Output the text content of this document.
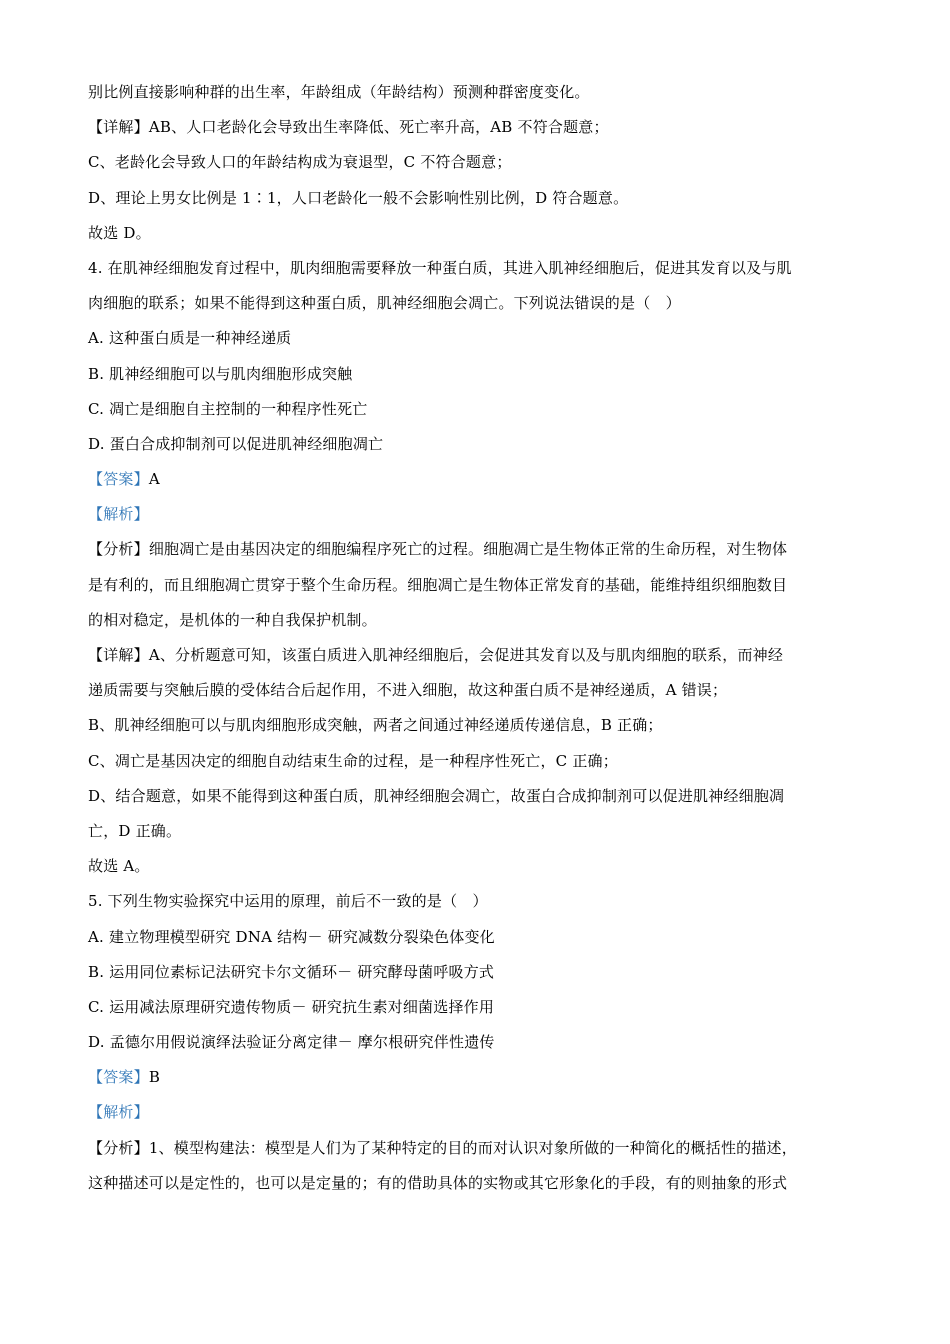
别比例直接影响种群的出生率，年龄组成（年龄结构）预测种群密度变化。
【详解】AB、人口老龄化会导致出生率降低、死亡率升高，AB 不符合题意；
C、老龄化会导致人口的年龄结构成为衰退型，C 不符合题意；
D、理论上男女比例是 1∶1，人口老龄化一般不会影响性别比例，D 符合题意。
故选 D。
4. 在肌神经细胞发育过程中，肌肉细胞需要释放一种蛋白质，其进入肌神经细胞后，促进其发育以及与肌
肉细胞的联系；如果不能得到这种蛋白质，肌神经细胞会凋亡。下列说法错误的是（　）
A. 这种蛋白质是一种神经递质
B. 肌神经细胞可以与肌肉细胞形成突触
C. 凋亡是细胞自主控制的一种程序性死亡
D. 蛋白合成抑制剂可以促进肌神经细胞凋亡
【答案】A
【解析】
【分析】细胞凋亡是由基因决定的细胞编程序死亡的过程。细胞凋亡是生物体正常的生命历程，对生物体
是有利的，而且细胞凋亡贯穿于整个生命历程。细胞凋亡是生物体正常发育的基础，能维持组织细胞数目
的相对稳定，是机体的一种自我保护机制。
【详解】A、分析题意可知，该蛋白质进入肌神经细胞后，会促进其发育以及与肌肉细胞的联系，而神经
递质需要与突触后膜的受体结合后起作用，不进入细胞，故这种蛋白质不是神经递质，A 错误；
B、肌神经细胞可以与肌肉细胞形成突触，两者之间通过神经递质传递信息，B 正确；
C、凋亡是基因决定的细胞自动结束生命的过程，是一种程序性死亡，C 正确；
D、结合题意，如果不能得到这种蛋白质，肌神经细胞会凋亡，故蛋白合成抑制剂可以促进肌神经细胞凋
亡，D 正确。
故选 A。
5. 下列生物实验探究中运用的原理，前后不一致的是（　）
A. 建立物理模型研究 DNA 结构－ 研究减数分裂染色体变化
B. 运用同位素标记法研究卡尔文循环－ 研究酵母菌呼吸方式
C. 运用减法原理研究遗传物质－ 研究抗生素对细菌选择作用
D. 孟德尔用假说演绎法验证分离定律－ 摩尔根研究伴性遗传
【答案】B
【解析】
【分析】1、模型构建法：模型是人们为了某种特定的目的而对认识对象所做的一种简化的概括性的描述，
这种描述可以是定性的，也可以是定量的；有的借助具体的实物或其它形象化的手段，有的则抽象的形式
